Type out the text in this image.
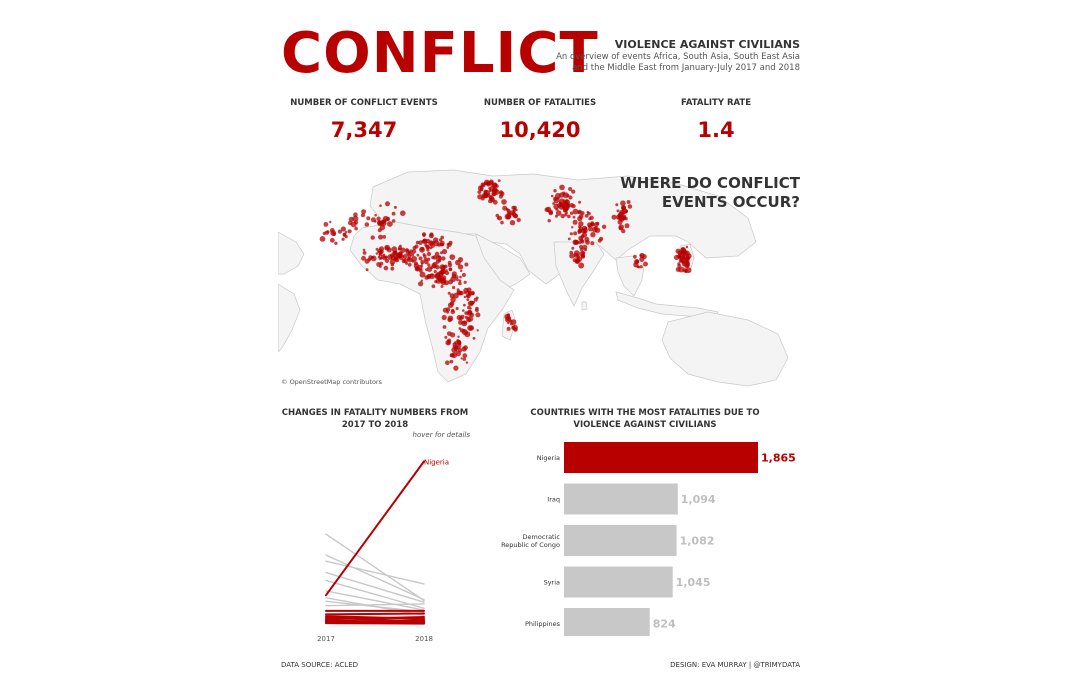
CONFLICT	VIOLENCE AGAINST CIVILIANS
An overview of events Africa, South Asia, South East Asia
and the Middle East from January-July 2017 and 2018
NUMBER OF CONFLICT EVENTS
7,347
NUMBER OF FATALITIES
10,420
FATALITY RATE
1.4
WHERE DO CONFLICT
EVENTS OCCUR?
© OpenStreetMap contributors
CHANGES IN FATALITY NUMBERS FROM
2017 TO 2018
hover for details
Nigeria
2017	2018
COUNTRIES WITH THE MOST FATALITIES DUE TO
VIOLENCE AGAINST CIVILIANS
Nigeria	1,865
Iraq	1,094
Democratic Republic of Congo	1,082
Syria	1,045
Philippines	824
DATA SOURCE: ACLED	DESIGN: EVA MURRAY | @TRIMYDATA
